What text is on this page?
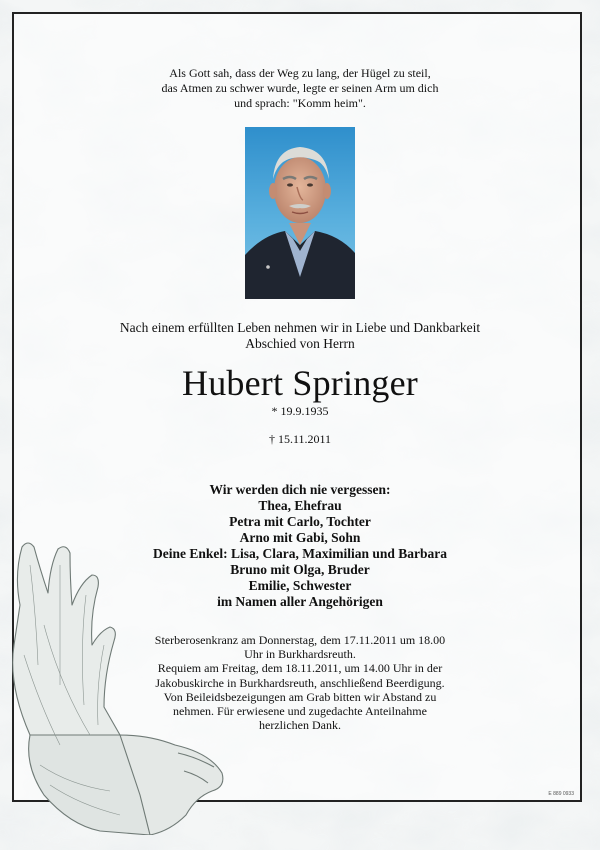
Als Gott sah, dass der Weg zu lang, der Hügel zu steil,
das Atmen zu schwer wurde, legte er seinen Arm um dich
und sprach: "Komm heim".
Nach einem erfüllten Leben nehmen wir in Liebe und Dankbarkeit
Abschied von Herrn
Hubert Springer
* 19.9.1935
† 15.11.2011
Wir werden dich nie vergessen:
Thea, Ehefrau
Petra mit Carlo, Tochter
Arno mit Gabi, Sohn
Deine Enkel: Lisa, Clara, Maximilian und Barbara
Bruno mit Olga, Bruder
Emilie, Schwester
im Namen aller Angehörigen
Sterberosenkranz am Donnerstag, dem 17.11.2011 um 18.00
Uhr in Burkhardsreuth.
Requiem am Freitag, dem 18.11.2011, um 14.00 Uhr in der
Jakobuskirche in Burkhardsreuth, anschließend Beerdigung.
Von Beileidsbezeigungen am Grab bitten wir Abstand zu
nehmen. Für erwiesene und zugedachte Anteilnahme
herzlichen Dank.
E 889 0933
